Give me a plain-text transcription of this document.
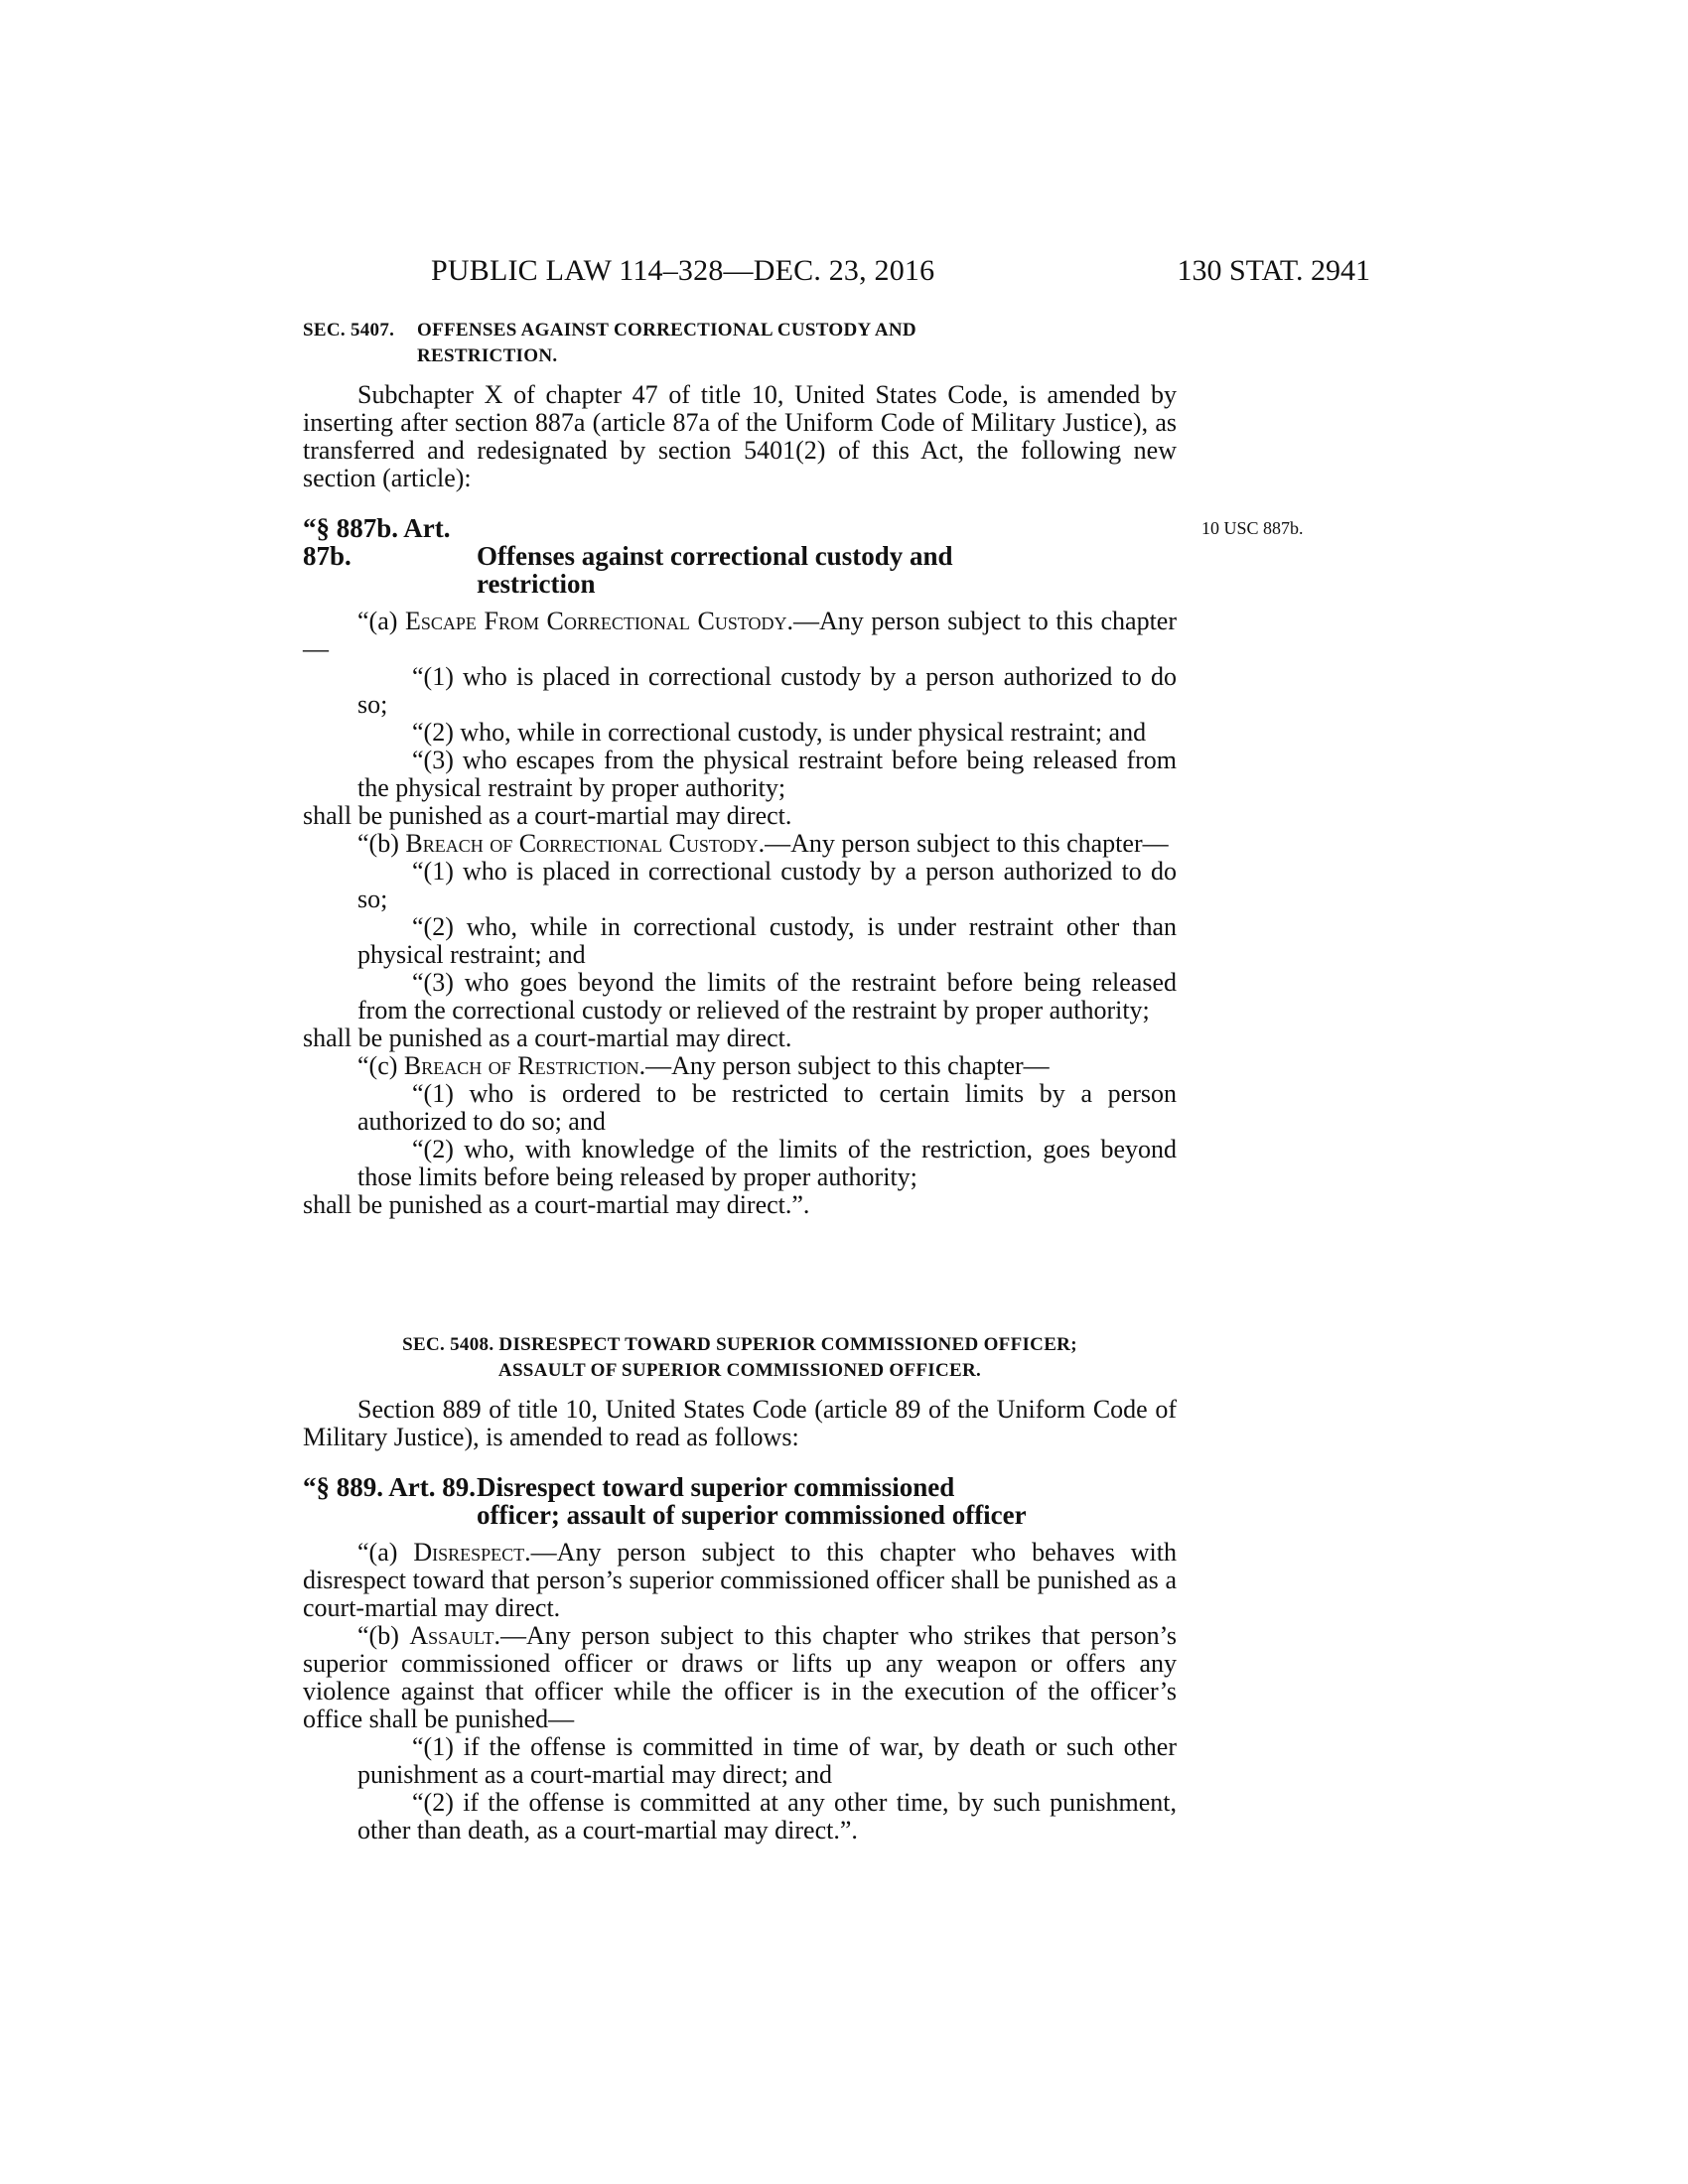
PUBLIC LAW 114–328—DEC. 23, 2016	130 STAT. 2941
SEC. 5407. OFFENSES AGAINST CORRECTIONAL CUSTODY AND
RESTRICTION.

Subchapter X of chapter 47 of title 10, United States Code, is amended by inserting after section 887a (article 87a of the Uniform Code of Military Justice), as transferred and redesignated by section 5401(2) of this Act, the following new section (article):

“§ 887b. Art. 87b.	Offenses against correctional custody and
restriction

“(a) Escape From Correctional Custody.—Any person subject to this chapter—

“(1) who is placed in correctional custody by a person authorized to do so;

“(2) who, while in correctional custody, is under physical restraint; and

“(3) who escapes from the physical restraint before being released from the physical restraint by proper authority;

shall be punished as a court-martial may direct.

“(b) Breach of Correctional Custody.—Any person subject to this chapter—

“(1) who is placed in correctional custody by a person authorized to do so;

“(2) who, while in correctional custody, is under restraint other than physical restraint; and

“(3) who goes beyond the limits of the restraint before being released from the correctional custody or relieved of the restraint by proper authority;

shall be punished as a court-martial may direct.

“(c) Breach of Restriction.—Any person subject to this chapter—

“(1) who is ordered to be restricted to certain limits by a person authorized to do so; and

“(2) who, with knowledge of the limits of the restriction, goes beyond those limits before being released by proper authority;

shall be punished as a court-martial may direct.”.

10 USC 887b.
SEC. 5408. DISRESPECT TOWARD SUPERIOR COMMISSIONED OFFICER;
ASSAULT OF SUPERIOR COMMISSIONED OFFICER.

Section 889 of title 10, United States Code (article 89 of the Uniform Code of Military Justice), is amended to read as follows:

“§ 889. Art. 89.Disrespect toward superior commissioned
officer; assault of superior commissioned officer

“(a) Disrespect.—Any person subject to this chapter who behaves with disrespect toward that person’s superior commissioned officer shall be punished as a court-martial may direct.

“(b) Assault.—Any person subject to this chapter who strikes that person’s superior commissioned officer or draws or lifts up any weapon or offers any violence against that officer while the officer is in the execution of the officer’s office shall be punished—

“(1) if the offense is committed in time of war, by death or such other punishment as a court-martial may direct; and

“(2) if the offense is committed at any other time, by such punishment, other than death, as a court-martial may direct.”.
